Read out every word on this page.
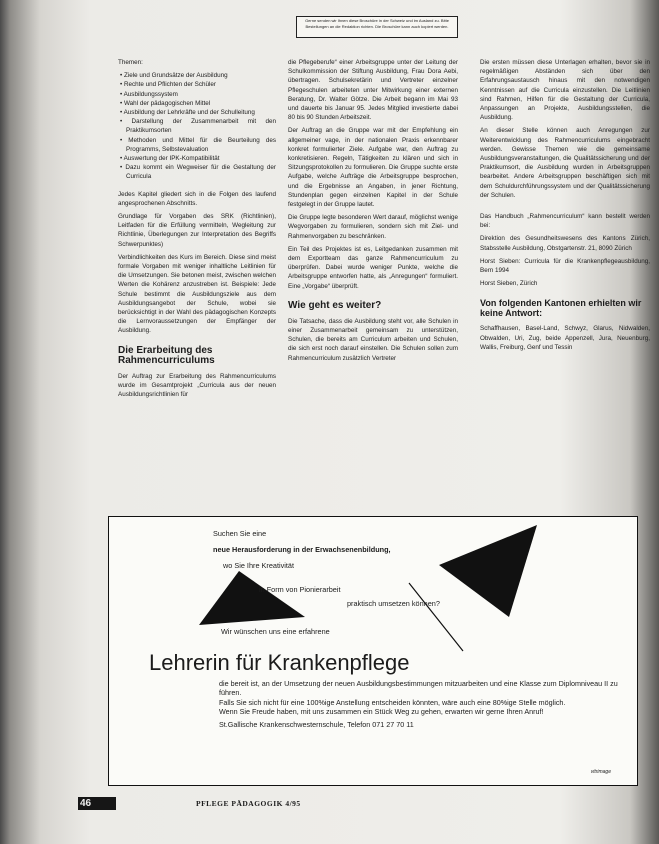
Gerne senden wir Ihnen diese Broschüre in der Schweiz und im Ausland zu. Bitte Bestellungen an die Redaktion richten. Die Broschüre kann auch kopiert werden.

Themen:

• Ziele und Grundsätze der Ausbildung
• Rechte und Pflichten der Schüler
• Ausbildungssystem
• Wahl der pädagogischen Mittel
• Ausbildung der Lehrkräfte und der Schulleitung
• Darstellung der Zusammenarbeit mit den Praktikumsorten
• Methoden und Mittel für die Beurteilung des Programms, Selbstevaluation
• Auswertung der IPK-Kompatibilität
• Dazu kommt ein Wegweiser für die Gestaltung der Curricula

Jedes Kapitel gliedert sich in die Folgen des laufend angesprochenen Abschnitts.

Grundlage für Vorgaben des SRK (Richtlinien), Leitfaden für die Erfüllung vermitteln, Wegleitung zur Richtlinie, Überlegungen zur Interpretation des Begriffs Schwerpunktes)

Verbindlichkeiten des Kurs im Bereich. Diese sind meist formale Vorgaben mit weniger inhaltliche Leitlinien für die Umsetzungen. Sie betonen meist, zwischen welchen Werten die Kohärenz anzustreben ist. Beispiele: Jede Schule bestimmt die Ausbildungsziele aus dem Ausbildungsangebot der Schule, wobei sie berücksichtigt in der Wahl des pädagogischen Konzepts die Lernvoraussetzungen der Empfänger der Ausbildung.

Die Erarbeitung des Rahmencurriculums

Der Auftrag zur Erarbeitung des Rahmencurriculums wurde im Gesamtprojekt „Curricula aus der neuen Ausbildungsrichtlinien für

die Pflegeberufe“ einer Arbeitsgruppe unter der Leitung der Schulkommission der Stiftung Ausbildung, Frau Dora Aebi, übertragen. Schulsekretärin und Vertreter einzelner Pflegeschulen arbeiteten unter Mitwirkung einer externen Beratung, Dr. Walter Götze. Die Arbeit begann im Mai 93 und dauerte bis Januar 95. Jedes Mitglied investierte dabei 80 bis 90 Stunden Arbeitszeit.

Der Auftrag an die Gruppe war mit der Empfehlung ein allgemeiner vage, in der nationalen Praxis erkennbarer konkret formulierter Ziele. Aufgabe war, den Auftrag zu konkretisieren. Regeln, Tätigkeiten zu klären und sich in Sitzungsprotokollen zu formulieren. Die Gruppe suchte erste Aufgabe, welche Aufträge die Arbeitsgruppe besprochen, und die Ergebnisse an Angaben, in jener Richtung, Stundenplan gegen einzelnen Kapitel in der Schule festgelegt in der Gruppe lautet.

Die Gruppe legte besonderen Wert darauf, möglichst wenige Wegvorgaben zu formulieren, sondern sich mit Ziel- und Rahmenvorgaben zu beschränken.

Ein Teil des Projektes ist es, Leitgedanken zusammen mit dem Exportteam das ganze Rahmencurriculum zu überprüfen. Dabei wurde weniger Punkte, welche die Arbeitsgruppe entworfen hatte, als „Anregungen“ formuliert. Eine „Vorgabe“ überprüft.

Wie geht es weiter?

Die Tatsache, dass die Ausbildung steht vor, alle Schulen in einer Zusammenarbeit gemeinsam zu unterstützen, Schulen, die bereits am Curriculum arbeiten und Schulen, die sich erst noch darauf einstellen. Die Schulen sollen zum Rahmencurriculum zusätzlich Vertreter

Die ersten müssen diese Unterlagen erhalten, bevor sie in regelmäßigen Abständen sich über den Erfahrungsaustausch hinaus mit den notwendigen Kenntnissen auf die Curricula einzustellen. Die Leitlinien sind Rahmen, Hilfen für die Gestaltung der Curricula, Anpassungen an Projekte, Ausbildungsstellen, die Ausbildung.

An dieser Stelle können auch Anregungen zur Weiterentwicklung des Rahmencurriculums eingebracht werden. Gewisse Themen wie die gemeinsame Ausbildungsveranstaltungen, die Qualitätssicherung und der Praktikumsort, die Ausbildung wurden in Arbeitsgruppen bearbeitet. Andere Arbeitsgruppen beschäftigen sich mit dem Schuldurchführungssystem und der Qualitätssicherung der Schulen.

Das Handbuch „Rahmencurriculum“ kann bestellt werden bei:

Direktion des Gesundheitswesens des Kantons Zürich, Stabsstelle Ausbildung, Obstgartenstr. 21, 8090 Zürich

Horst Sieben: Curricula für die Krankenpflegeausbildung, Bern 1994

Horst Sieben, Zürich

Von folgenden Kantonen erhielten wir keine Antwort:

Schaffhausen, Basel-Land, Schwyz, Glarus, Nidwalden, Obwalden, Uri, Zug, beide Appenzell, Jura, Neuenburg, Wallis, Freiburg, Genf und Tessin

Suchen Sie eine
neue Herausforderung in der Erwachsenenbildung,
wo Sie Ihre Kreativität
in Form von Pionierarbeit
praktisch umsetzen können?
Wir wünschen uns eine erfahrene
Lehrerin für Krankenpflege
die bereit ist, an der Umsetzung der neuen Ausbildungsbestimmungen mitzuarbeiten und eine Klasse zum Diplomniveau II zu führen.
Falls Sie sich nicht für eine 100%ige Anstellung entscheiden könnten, wäre auch eine 80%ige Stelle möglich.
Wenn Sie Freude haben, mit uns zusammen ein Stück Weg zu gehen, erwarten wir gerne Ihren Anruf!
St.Gallische Krankenschwesternschule, Telefon 071 27 70 11
vitrimage
46	PFLEGE PÄDAGOGIK 4/95
